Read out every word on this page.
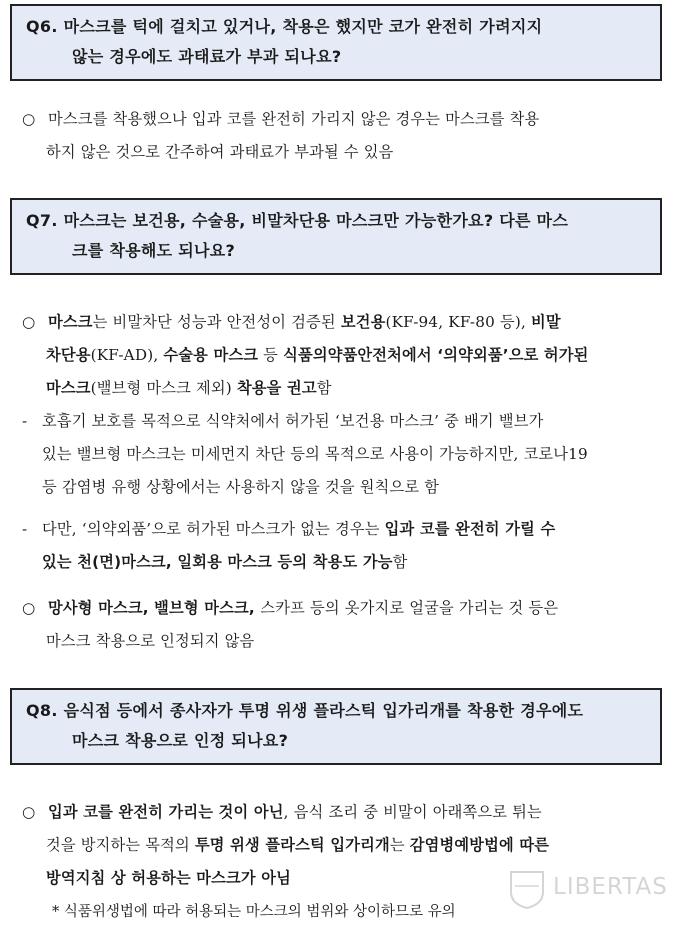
Q6. 마스크를 턱에 걸치고 있거나, 착용은 했지만 코가 완전히 가려지지
않는 경우에도 과태료가 부과 되나요?
○ 마스크를 착용했으나 입과 코를 완전히 가리지 않은 경우는 마스크를 착용
하지 않은 것으로 간주하여 과태료가 부과될 수 있음
Q7. 마스크는 보건용, 수술용, 비말차단용 마스크만 가능한가요? 다른 마스
크를 착용해도 되나요?
○ 마스크는 비말차단 성능과 안전성이 검증된 보건용(KF-94, KF-80 등), 비말
차단용(KF-AD), 수술용 마스크 등 식품의약품안전처에서 ‘의약외품’으로 허가된
마스크(밸브형 마스크 제외) 착용을 권고함
- 호흡기 보호를 목적으로 식약처에서 허가된 ‘보건용 마스크’ 중 배기 밸브가
있는 밸브형 마스크는 미세먼지 차단 등의 목적으로 사용이 가능하지만, 코로나19
등 감염병 유행 상황에서는 사용하지 않을 것을 원칙으로 함
- 다만, ‘의약외품’으로 허가된 마스크가 없는 경우는 입과 코를 완전히 가릴 수
있는 천(면)마스크, 일회용 마스크 등의 착용도 가능함
○ 망사형 마스크, 밸브형 마스크, 스카프 등의 옷가지로 얼굴을 가리는 것 등은
마스크 착용으로 인정되지 않음
Q8. 음식점 등에서 종사자가 투명 위생 플라스틱 입가리개를 착용한 경우에도
마스크 착용으로 인정 되나요?
○ 입과 코를 완전히 가리는 것이 아닌, 음식 조리 중 비말이 아래쪽으로 튀는
것을 방지하는 목적의 투명 위생 플라스틱 입가리개는 감염병예방법에 따른
방역지침 상 허용하는 마스크가 아님
* 식품위생법에 따라 허용되는 마스크의 범위와 상이하므로 유의
LIBERTAS
